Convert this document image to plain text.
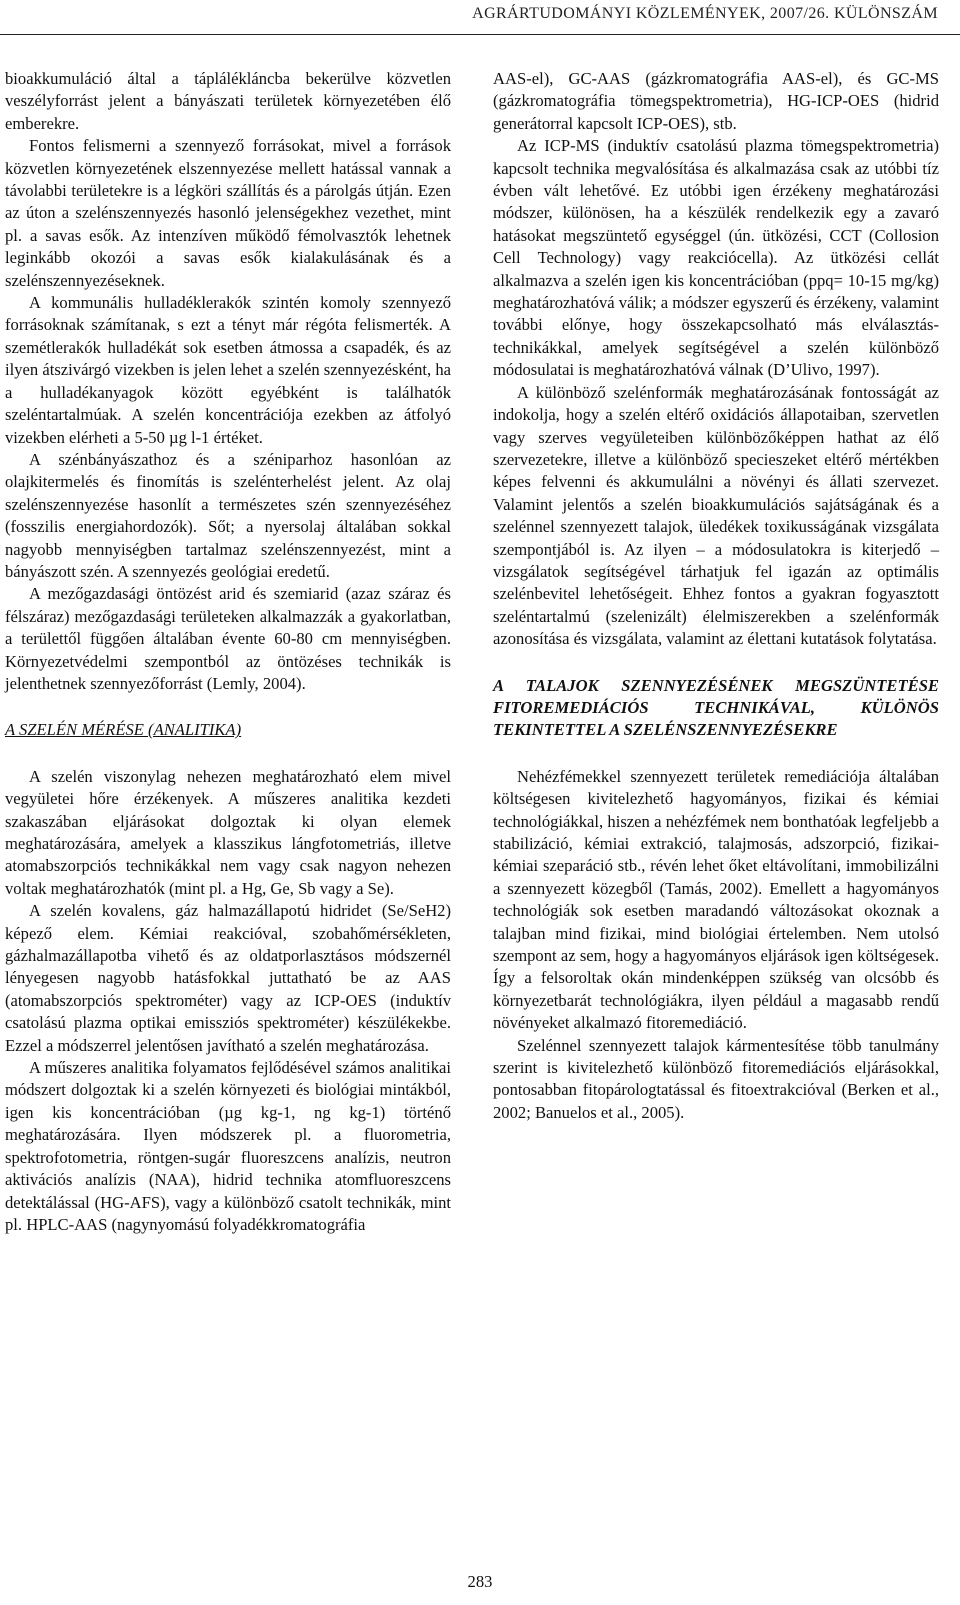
AGRÁRTUDOMÁNYI KÖZLEMÉNYEK, 2007/26. KÜLÖNSZÁM

bioakkumuláció által a táplálékláncba bekerülve közvetlen veszélyforrást jelent a bányászati területek környezetében élő emberekre.

Fontos felismerni a szennyező forrásokat, mivel a források közvetlen környezetének elszennyezése mellett hatással vannak a távolabbi területekre is a légköri szállítás és a párolgás útján. Ezen az úton a szelénszennyezés hasonló jelenségekhez vezethet, mint pl. a savas esők. Az intenzíven működő fémolvasztók lehetnek leginkább okozói a savas esők kialakulásának és a szelénszennyezéseknek.

A kommunális hulladéklerakók szintén komoly szennyező forrásoknak számítanak, s ezt a tényt már régóta felismerték. A szemétlerakók hulladékát sok esetben átmossa a csapadék, és az ilyen átszivárgó vizekben is jelen lehet a szelén szennyezésként, ha a hulladékanyagok között egyébként is találhatók szeléntartalmúak. A szelén koncentrációja ezekben az átfolyó vizekben elérheti a 5-50 µg l-1 értéket.

A szénbányászathoz és a széniparhoz hasonlóan az olajkitermelés és finomítás is szelénterhelést jelent. Az olaj szelénszennyezése hasonlít a természetes szén szennyezéséhez (fosszilis energiahordozók). Sőt; a nyersolaj általában sokkal nagyobb mennyiségben tartalmaz szelénszennyezést, mint a bányászott szén. A szennyezés geológiai eredetű.

A mezőgazdasági öntözést arid és szemiarid (azaz száraz és félszáraz) mezőgazdasági területeken alkalmazzák a gyakorlatban, a területtől függően általában évente 60-80 cm mennyiségben. Környezetvédelmi szempontból az öntözéses technikák is jelenthetnek szennyezőforrást (Lemly, 2004).

A SZELÉN MÉRÉSE (ANALITIKA)

A szelén viszonylag nehezen meghatározható elem mivel vegyületei hőre érzékenyek. A műszeres analitika kezdeti szakaszában eljárásokat dolgoztak ki olyan elemek meghatározására, amelyek a klasszikus lángfotometriás, illetve atomabszorpciós technikákkal nem vagy csak nagyon nehezen voltak meghatározhatók (mint pl. a Hg, Ge, Sb vagy a Se).

A szelén kovalens, gáz halmazállapotú hidridet (Se/SeH2) képező elem. Kémiai reakcióval, szobahőmérsékleten, gázhalmazállapotba vihető és az oldatporlasztásos módszernél lényegesen nagyobb hatásfokkal juttatható be az AAS (atomabszorpciós spektrométer) vagy az ICP-OES (induktív csatolású plazma optikai emissziós spektrométer) készülékekbe. Ezzel a módszerrel jelentősen javítható a szelén meghatározása.

A műszeres analitika folyamatos fejlődésével számos analitikai módszert dolgoztak ki a szelén környezeti és biológiai mintákból, igen kis koncentrációban (µg kg-1, ng kg-1) történő meghatározására. Ilyen módszerek pl. a fluorometria, spektrofotometria, röntgen-sugár fluoreszcens analízis, neutron aktivációs analízis (NAA), hidrid technika atomfluoreszcens detektálással (HG-AFS), vagy a különböző csatolt technikák, mint pl. HPLC-AAS (nagynyomású folyadékkromatográfia

AAS-el), GC-AAS (gázkromatográfia AAS-el), és GC-MS (gázkromatográfia tömegspektrometria), HG-ICP-OES (hidrid generátorral kapcsolt ICP-OES), stb.

Az ICP-MS (induktív csatolású plazma tömegspektrometria) kapcsolt technika megvalósítása és alkalmazása csak az utóbbi tíz évben vált lehetővé. Ez utóbbi igen érzékeny meghatározási módszer, különösen, ha a készülék rendelkezik egy a zavaró hatásokat megszüntető egységgel (ún. ütközési, CCT (Collosion Cell Technology) vagy reakciócella). Az ütközési cellát alkalmazva a szelén igen kis koncentrációban (ppq= 10-15 mg/kg) meghatározhatóvá válik; a módszer egyszerű és érzékeny, valamint további előnye, hogy összekapcsolható más elválasztás-technikákkal, amelyek segítségével a szelén különböző módosulatai is meghatározhatóvá válnak (D’Ulivo, 1997).

A különböző szelénformák meghatározásának fontosságát az indokolja, hogy a szelén eltérő oxidációs állapotaiban, szervetlen vagy szerves vegyületeiben különbözőképpen hathat az élő szervezetekre, illetve a különböző specieszeket eltérő mértékben képes felvenni és akkumulálni a növényi és állati szervezet. Valamint jelentős a szelén bioakkumulációs sajátságának és a szelénnel szennyezett talajok, üledékek toxikusságának vizsgálata szempontjából is. Az ilyen – a módosulatokra is kiterjedő – vizsgálatok segítségével tárhatjuk fel igazán az optimális szelénbevitel lehetőségeit. Ehhez fontos a gyakran fogyasztott szeléntartalmú (szelenizált) élelmiszerekben a szelénformák azonosítása és vizsgálata, valamint az élettani kutatások folytatása.

A TALAJOK SZENNYEZÉSÉNEK MEGSZÜNTETÉSE FITOREMEDIÁCIÓS TECHNIKÁVAL, KÜLÖNÖS TEKINTETTEL A SZELÉNSZENNYEZÉSEKRE

Nehézfémekkel szennyezett területek remediációja általában költségesen kivitelezhető hagyományos, fizikai és kémiai technológiákkal, hiszen a nehézfémek nem bonthatóak legfeljebb a stabilizáció, kémiai extrakció, talajmosás, adszorpció, fizikai-kémiai szeparáció stb., révén lehet őket eltávolítani, immobilizálni a szennyezett közegből (Tamás, 2002). Emellett a hagyományos technológiák sok esetben maradandó változásokat okoznak a talajban mind fizikai, mind biológiai értelemben. Nem utolsó szempont az sem, hogy a hagyományos eljárások igen költségesek. Így a felsoroltak okán mindenképpen szükség van olcsóbb és környezetbarát technológiákra, ilyen például a magasabb rendű növényeket alkalmazó fitoremediáció.

Szelénnel szennyezett talajok kármentesítése több tanulmány szerint is kivitelezhető különböző fitoremediációs eljárásokkal, pontosabban fitopárologtatással és fitoextrakcióval (Berken et al., 2002; Banuelos et al., 2005).

283
